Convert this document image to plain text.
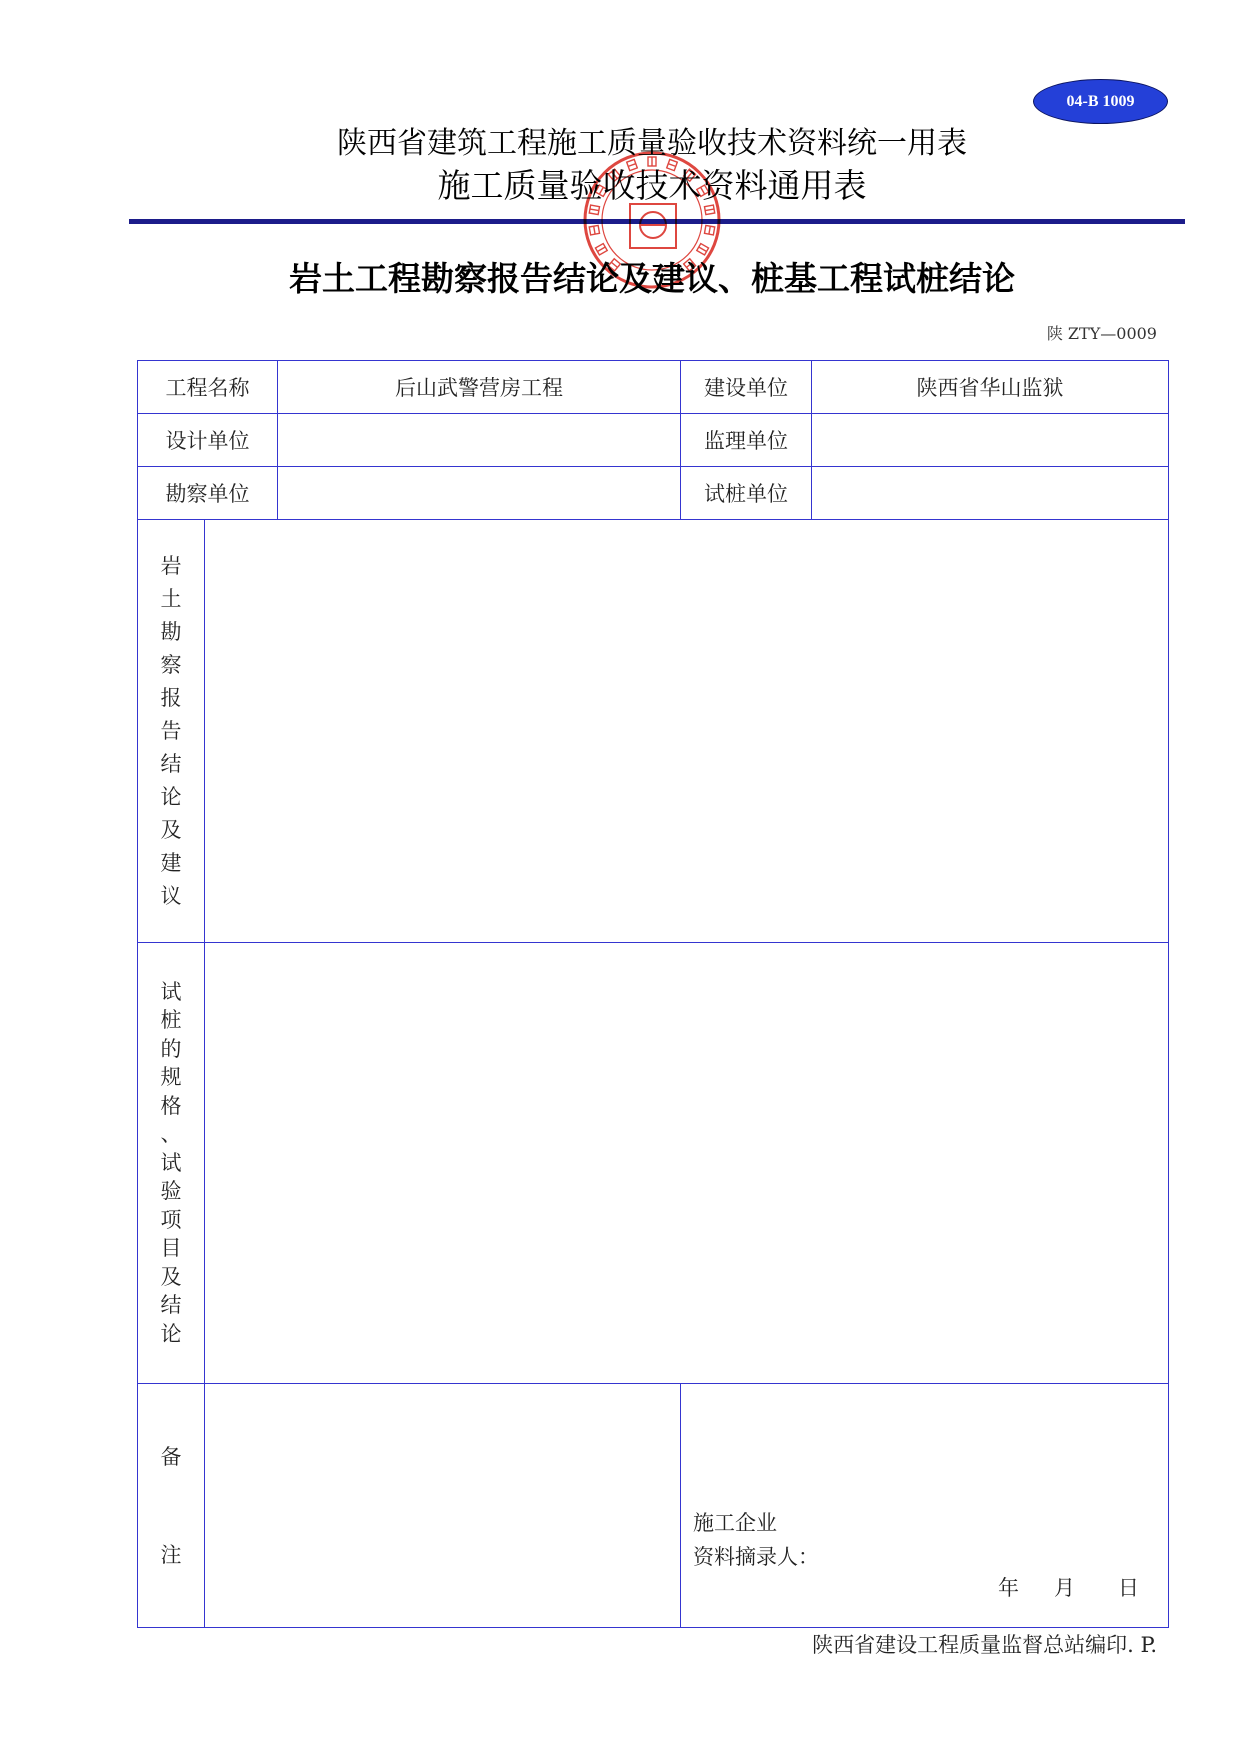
04-B 1009
陕西省建筑工程施工质量验收技术资料统一用表
施工质量验收技术资料通用表
岩土工程勘察报告结论及建议、桩基工程试桩结论
陕 ZTY—0009
工程名称		后山武警营房工程	建设单位	陕西省华山监狱
设计单位			监理单位	
勘察单位			试桩单位	

岩土勘察报告结论及建议				

试桩的规格、试验项目及结论				

备注			施工企业
资料摘录人：
年 月 日	
陕西省建设工程质量监督总站编印. P.
